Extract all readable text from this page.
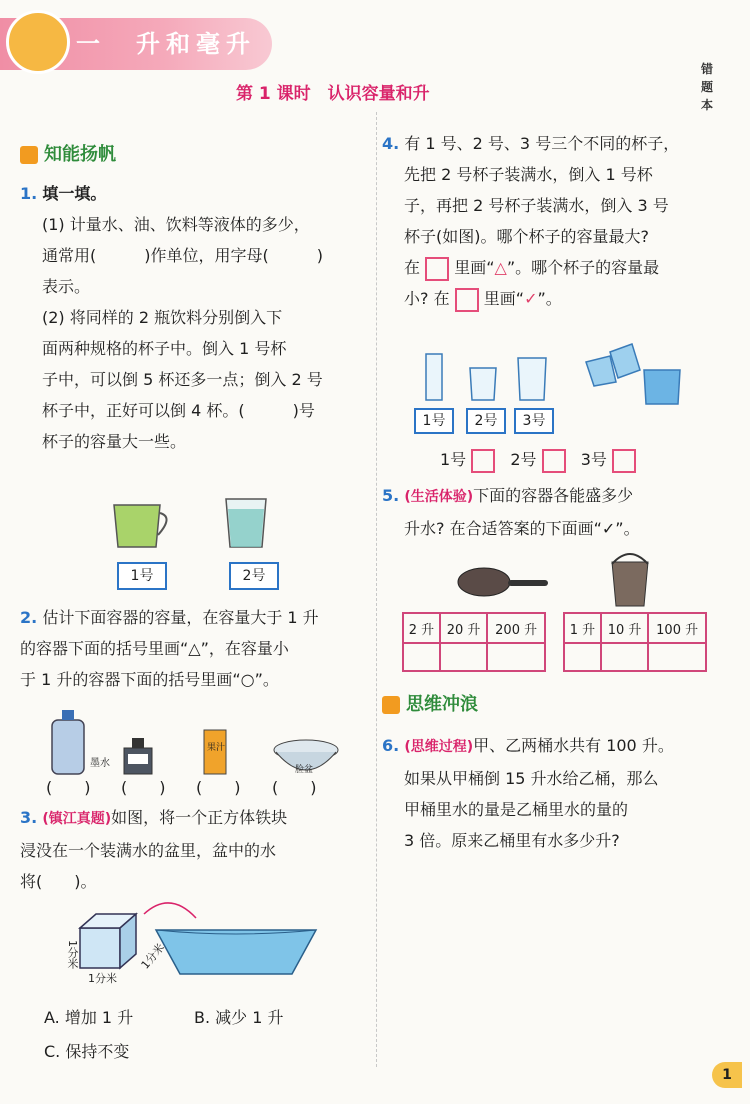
一　升和毫升
第 1 课时　认识容量和升
错
题
本
知能扬帆
1. 填一填。
(1) 计量水、油、饮料等液体的多少，
通常用(　　　)作单位，用字母(　　　)
表示。
(2) 将同样的 2 瓶饮料分别倒入下
面两种规格的杯子中。倒入 1 号杯
子中，可以倒 5 杯还多一点；倒入 2 号
杯子中，正好可以倒 4 杯。(　　　)号
杯子的容量大一些。
1号	2号
2. 估计下面容器的容量，在容量大于 1 升
的容器下面的括号里画“△”，在容量小
于 1 升的容器下面的括号里画“○”。
墨水
果汁
脸盆
(　　) (　　) (　　) (　　)
3. (镇江真题)如图，将一个正方体铁块
浸没在一个装满水的盆里，盆中的水
将(　　)。
1分米
1分米
1分米
A. 增加 1 升	B. 减少 1 升
C. 保持不变
4. 有 1 号、2 号、3 号三个不同的杯子，
先把 2 号杯子装满水，倒入 1 号杯
子，再把 2 号杯子装满水，倒入 3 号
杯子(如图)。哪个杯子的容量最大?
在 里画“△”。哪个杯子的容量最
小? 在 里画“✓”。
1号	2号	3号
1号	2号	3号
5. (生活体验)下面的容器各能盛多少
升水? 在合适答案的下面画“✓”。
2 升	20 升	200 升
			1 升	10 升	100 升

思维冲浪
6. (思维过程)甲、乙两桶水共有 100 升。
如果从甲桶倒 15 升水给乙桶，那么
甲桶里水的量是乙桶里水的量的
3 倍。原来乙桶里有水多少升?
1
